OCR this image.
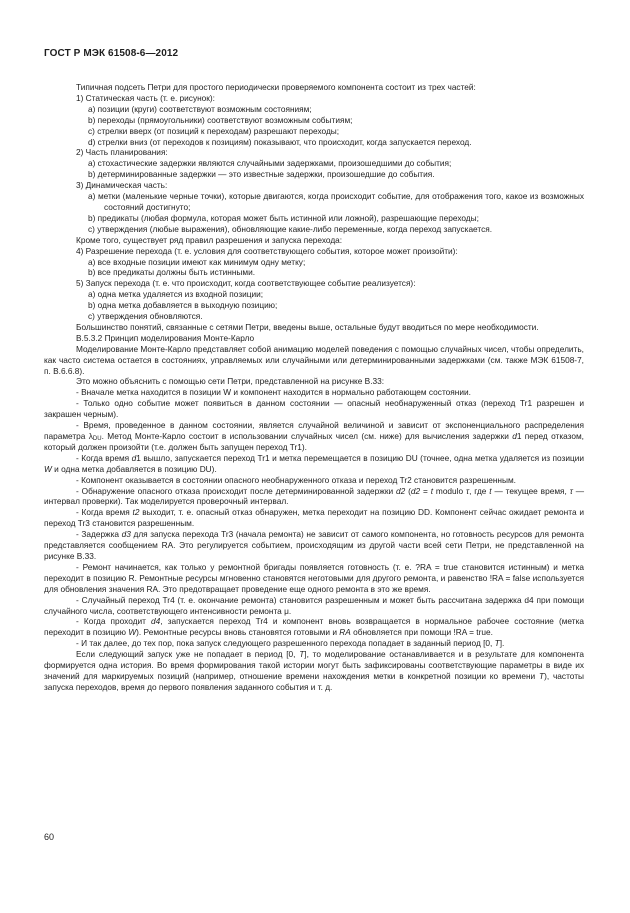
ГОСТ Р МЭК 61508-6—2012

Типичная подсеть Петри для простого периодически проверяемого компонента состоит из трех частей:

1) Статическая часть (т. е. рисунок):

a) позиции (круги) соответствуют возможным состояниям;

b) переходы (прямоугольники) соответствуют возможным событиям;

c) стрелки вверх (от позиций к переходам) разрешают переходы;

d) стрелки вниз (от переходов к позициям) показывают, что происходит, когда запускается переход.

2) Часть планирования:

a) стохастические задержки являются случайными задержками, произошедшими до события;

b) детерминированные задержки — это известные задержки, произошедшие до события.

3) Динамическая часть:

a) метки (маленькие черные точки), которые двигаются, когда происходит событие, для отображения того, какое из возможных состояний достигнуто;

b) предикаты (любая формула, которая может быть истинной или ложной), разрешающие переходы;

c) утверждения (любые выражения), обновляющие какие-либо переменные, когда переход запускается.

Кроме того, существует ряд правил разрешения и запуска перехода:

4) Разрешение перехода (т. е. условия для соответствующего события, которое может произойти):

a) все входные позиции имеют как минимум одну метку;

b) все предикаты должны быть истинными.

5) Запуск перехода (т. е. что происходит, когда соответствующее событие реализуется):

a) одна метка удаляется из входной позиции;

b) одна метка добавляется в выходную позицию;

c) утверждения обновляются.

Большинство понятий, связанные с сетями Петри, введены выше, остальные будут вводиться по мере необходимости.

B.5.3.2 Принцип моделирования Монте-Карло

Моделирование Монте-Карло представляет собой анимацию моделей поведения с помощью случайных чисел, чтобы определить, как часто система остается в состояниях, управляемых или случайными или детерминированными задержками (см. также МЭК 61508-7, п. B.6.6.8).

Это можно объяснить с помощью сети Петри, представленной на рисунке B.33:

- Вначале метка находится в позиции W и компонент находится в нормально работающем состоянии.

- Только одно событие может появиться в данном состоянии — опасный необнаруженный отказ (переход Tr1 разрешен и закрашен черным).

- Время, проведенное в данном состоянии, является случайной величиной и зависит от экспоненциального распределения параметра $\lambda_{DU}$. Метод Монте-Карло состоит в использовании случайных чисел (см. ниже) для вычисления задержки d1 перед отказом, который должен произойти (т.е. должен быть запущен переход Tr1).

- Когда время d1 вышло, запускается переход Tr1 и метка перемещается в позицию DU (точнее, одна метка удаляется из позиции W и одна метка добавляется в позицию DU).

- Компонент оказывается в состоянии опасного необнаруженного отказа и переход Tr2 становится разрешенным.

- Обнаружение опасного отказа происходит после детерминированной задержки d2 (d2 = t modulo τ, где t — текущее время, τ — интервал проверки). Так моделируется проверочный интервал.

- Когда время t2 выходит, т. е. опасный отказ обнаружен, метка переходит на позицию DD. Компонент сейчас ожидает ремонта и переход Tr3 становится разрешенным.

- Задержка d3 для запуска перехода Tr3 (начала ремонта) не зависит от самого компонента, но готовность ресурсов для ремонта представляется сообщением RA. Это регулируется событием, происходящим из другой части всей сети Петри, не представленной на рисунке B.33.

- Ремонт начинается, как только у ремонтной бригады появляется готовность (т. е. ?RA = true становится истинным) и метка переходит в позицию R. Ремонтные ресурсы мгновенно становятся неготовыми для другого ремонта, и равенство !RA = false используется для обновления значения RA. Это предотвращает проведение еще одного ремонта в это же время.

- Случайный переход Tr4 (т. е. окончание ремонта) становится разрешенным и может быть рассчитана задержка d4 при помощи случайного числа, соответствующего интенсивности ремонта μ.

- Когда проходит d4, запускается переход Tr4 и компонент вновь возвращается в нормальное рабочее состояние (метка переходит в позицию W). Ремонтные ресурсы вновь становятся готовыми и RA обновляется при помощи !RA = true.

- И так далее, до тех пор, пока запуск следующего разрешенного перехода попадает в заданный период [0, T].

Если следующий запуск уже не попадает в период [0, T], то моделирование останавливается и в результате для компонента формируется одна история. Во время формирования такой истории могут быть зафиксированы соответствующие параметры в виде их значений для маркируемых позиций (например, отношение времени нахождения метки в конкретной позиции ко времени T), частоты запуска переходов, время до первого появления заданного события и т. д.

60
